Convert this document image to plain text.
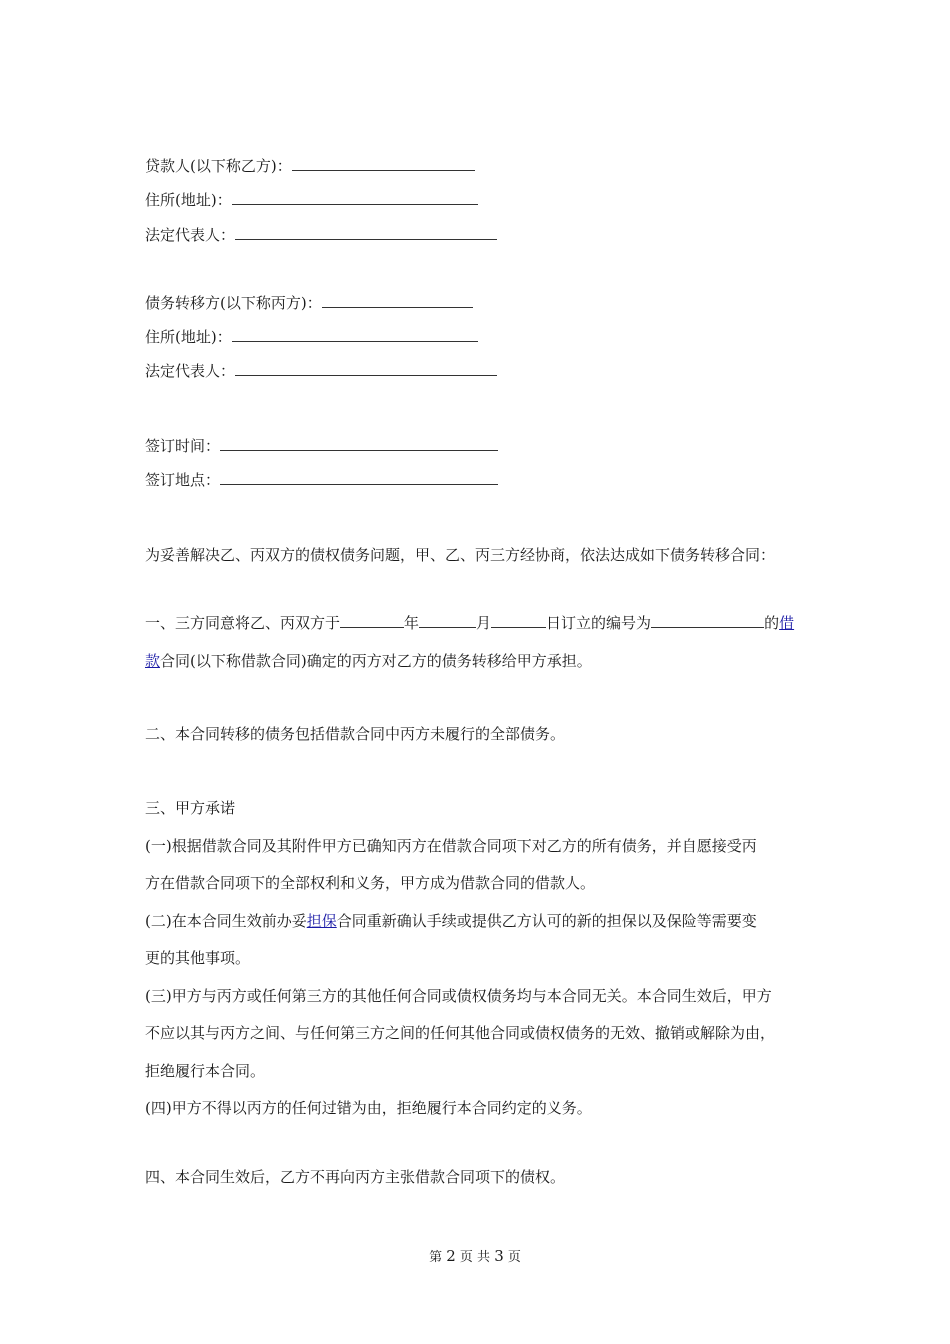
贷款人(以下称乙方)：
住所(地址)：
法定代表人：
债务转移方(以下称丙方)：
住所(地址)：
法定代表人：
签订时间：
签订地点：
为妥善解决乙、丙双方的债权债务问题，甲、乙、丙三方经协商，依法达成如下债务转移合同：
一、三方同意将乙、丙双方于	年	月	日订立的编号为	的借
款合同(以下称借款合同)确定的丙方对乙方的债务转移给甲方承担。
二、本合同转移的债务包括借款合同中丙方未履行的全部债务。
三、甲方承诺
(一)根据借款合同及其附件甲方已确知丙方在借款合同项下对乙方的所有债务，并自愿接受丙
方在借款合同项下的全部权利和义务，甲方成为借款合同的借款人。
(二)在本合同生效前办妥担保合同重新确认手续或提供乙方认可的新的担保以及保险等需要变
更的其他事项。
(三)甲方与丙方或任何第三方的其他任何合同或债权债务均与本合同无关。本合同生效后，甲方
不应以其与丙方之间、与任何第三方之间的任何其他合同或债权债务的无效、撤销或解除为由，
拒绝履行本合同。
(四)甲方不得以丙方的任何过错为由，拒绝履行本合同约定的义务。
四、本合同生效后，乙方不再向丙方主张借款合同项下的债权。
第 2 页 共 3 页
